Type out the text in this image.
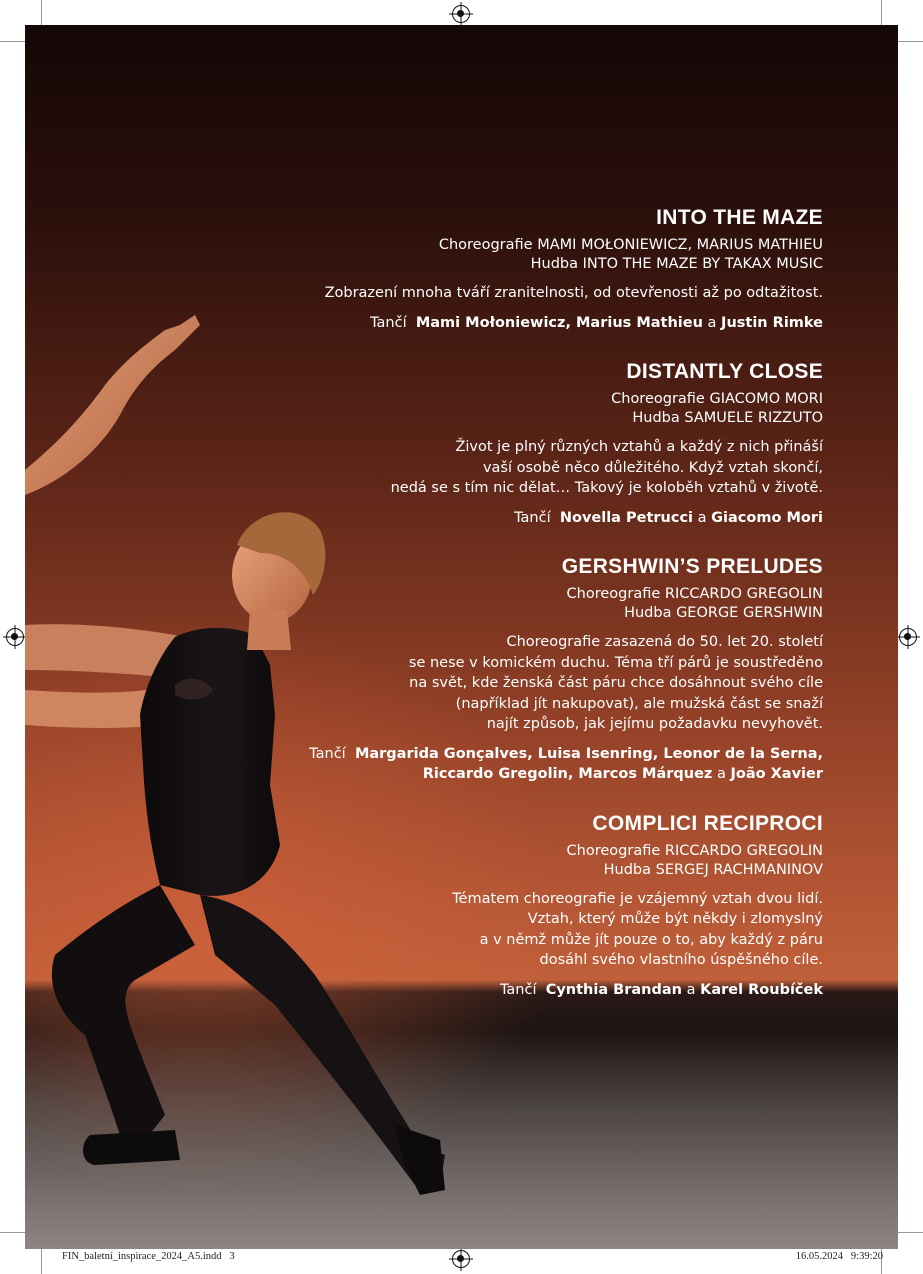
INTO THE MAZE

Choreografie MAMI MOŁONIEWICZ, MARIUS MATHIEU

Hudba INTO THE MAZE BY TAKAX MUSIC

Zobrazení mnoha tváří zranitelnosti, od otevřenosti až po odtažitost.

Tančí Mami Mołoniewicz, Marius Mathieu a Justin Rimke

DISTANTLY CLOSE

Choreografie GIACOMO MORI

Hudba SAMUELE RIZZUTO

Život je plný různých vztahů a každý z nich přináší
vaší osobě něco důležitého. Když vztah skončí,
nedá se s tím nic dělat… Takový je koloběh vztahů v životě.

Tančí Novella Petrucci a Giacomo Mori

GERSHWIN’S PRELUDES

Choreografie RICCARDO GREGOLIN

Hudba GEORGE GERSHWIN

Choreografie zasazená do 50. let 20. století
se nese v komickém duchu. Téma tří párů je soustředěno
na svět, kde ženská část páru chce dosáhnout svého cíle
(například jít nakupovat), ale mužská část se snaží
najít způsob, jak jejímu požadavku nevyhovět.

Tančí Margarida Gonçalves, Luisa Isenring, Leonor de la Serna,
Riccardo Gregolin, Marcos Márquez a João Xavier

COMPLICI RECIPROCI

Choreografie RICCARDO GREGOLIN

Hudba SERGEJ RACHMANINOV

Tématem choreografie je vzájemný vztah dvou lidí.
Vztah, který může být někdy i zlomyslný
a v němž může jít pouze o to, aby každý z páru
dosáhl svého vlastního úspěšného cíle.

Tančí Cynthia Brandan a Karel Roubíček

FIN_baletní_inspirace_2024_A5.indd   3	16.05.2024   9:39:20
